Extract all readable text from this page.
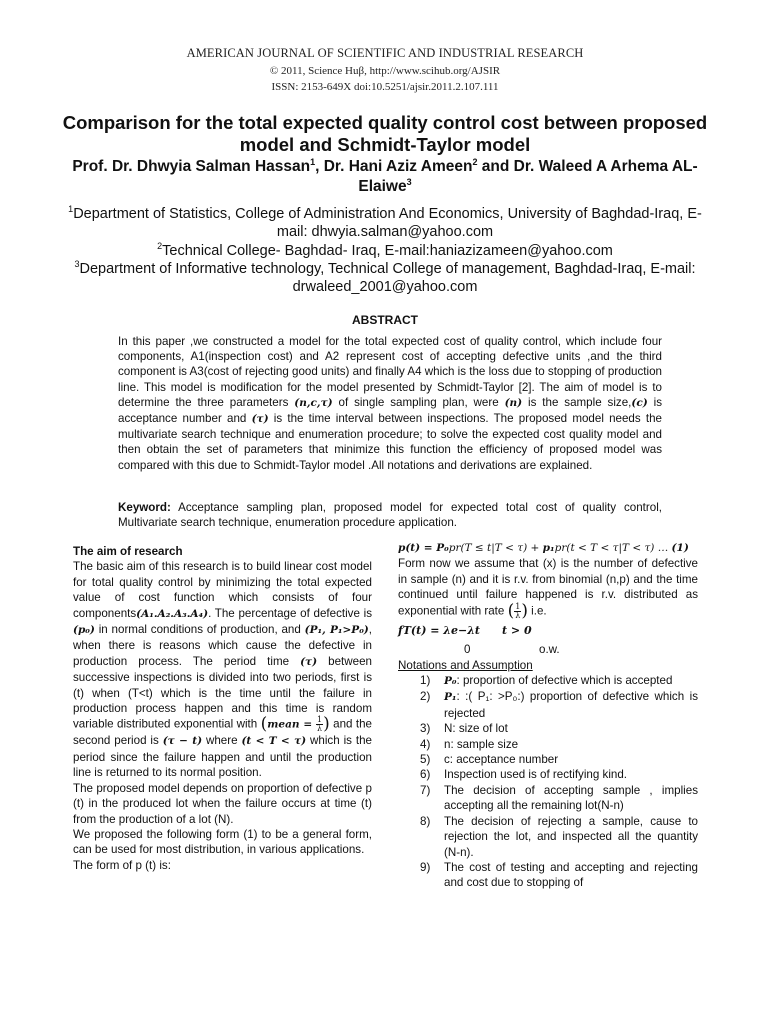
AMERICAN JOURNAL OF SCIENTIFIC AND INDUSTRIAL RESEARCH
© 2011, Science Huβ, http://www.scihub.org/AJSIR
ISSN: 2153-649X doi:10.5251/ajsir.2011.2.107.111
Comparison for the total expected quality control cost between proposed model and Schmidt-Taylor model
Prof. Dr. Dhwyia Salman Hassan$^1$, Dr. Hani Aziz Ameen$^2$ and Dr. Waleed A Arhema AL-Elaiwe$^3$
$^1$Department of Statistics, College of Administration And Economics, University of Baghdad-Iraq, E-mail: dhwyia.salman@yahoo.com
$^2$Technical College- Baghdad- Iraq, E-mail:haniazizameen@yahoo.com
$^3$Department of Informative technology, Technical College of management, Baghdad-Iraq, E-mail: drwaleed_2001@yahoo.com
ABSTRACT
In this paper ,we constructed a model for the total expected cost of quality control, which include four components, A1(inspection cost) and A2 represent cost of accepting defective units ,and the third component is A3(cost of rejecting good units) and finally A4 which is the loss due to stopping of production line. This model is modification for the model presented by Schmidt-Taylor [2]. The aim of model is to determine the three parameters (n,c,τ) of single sampling plan, were (n) is the sample size,(c) is acceptance number and (τ) is the time interval between inspections. The proposed model needs the multivariate search technique and enumeration procedure; to solve the expected cost quality model and then obtain the set of parameters that minimize this function the efficiency of proposed model was compared with this due to Schmidt-Taylor model .All notations and derivations are explained.
Keyword: Acceptance sampling plan, proposed model for expected total cost of quality control, Multivariate search technique, enumeration procedure application.
The aim of research
The basic aim of this research is to build linear cost model for total quality control by minimizing the total expected value of cost function which consists of four components(A₁.A₂.A₃.A₄). The percentage of defective is (p₀) in normal conditions of production, and (P₁, P₁>P₀), when there is reasons which cause the defective in production process. The period time (τ) between successive inspections is divided into two periods, first is (t) when (T<t) which is the time until the failure in production process happen and this time is random variable distributed exponential with (mean = $\frac{1}{\lambda}$ ) and the second period is (τ − t) where (t < T < τ) which is the period since the failure happen and until the production line is returned to its normal position.
The proposed model depends on proportion of defective p (t) in the produced lot when the failure occurs at time (t) from the production of a lot (N).
We proposed the following form (1) to be a general form, can be used for most distribution, in various applications.
The form of p (t) is:
p(t) = P₀pr(T ≤ t|T < τ) + p₁pr(t < T < τ|T < τ) … (1)
Form now we assume that (x) is the number of defective in sample (n) and it is r.v. from binomial (n,p) and the time continued until failure happened is r.v. distributed as exponential with rate ( $\frac{1}{\lambda}$ ) i.e.
fT(t) = λe−λt t > 0
0	o.w.
Notations and Assumption
1) P₀: proportion of defective which is accepted
2) P₁: :( P₁: >P₀:) proportion of defective which is rejected
3) N: size of lot
4) n: sample size
5) c: acceptance number
6) Inspection used is of rectifying kind.
7) The decision of accepting sample , implies accepting all the remaining lot(N-n)
8) The decision of rejecting a sample, cause to rejection the lot, and inspected all the quantity (N-n).
9) The cost of testing and accepting and rejecting and cost due to stopping of
